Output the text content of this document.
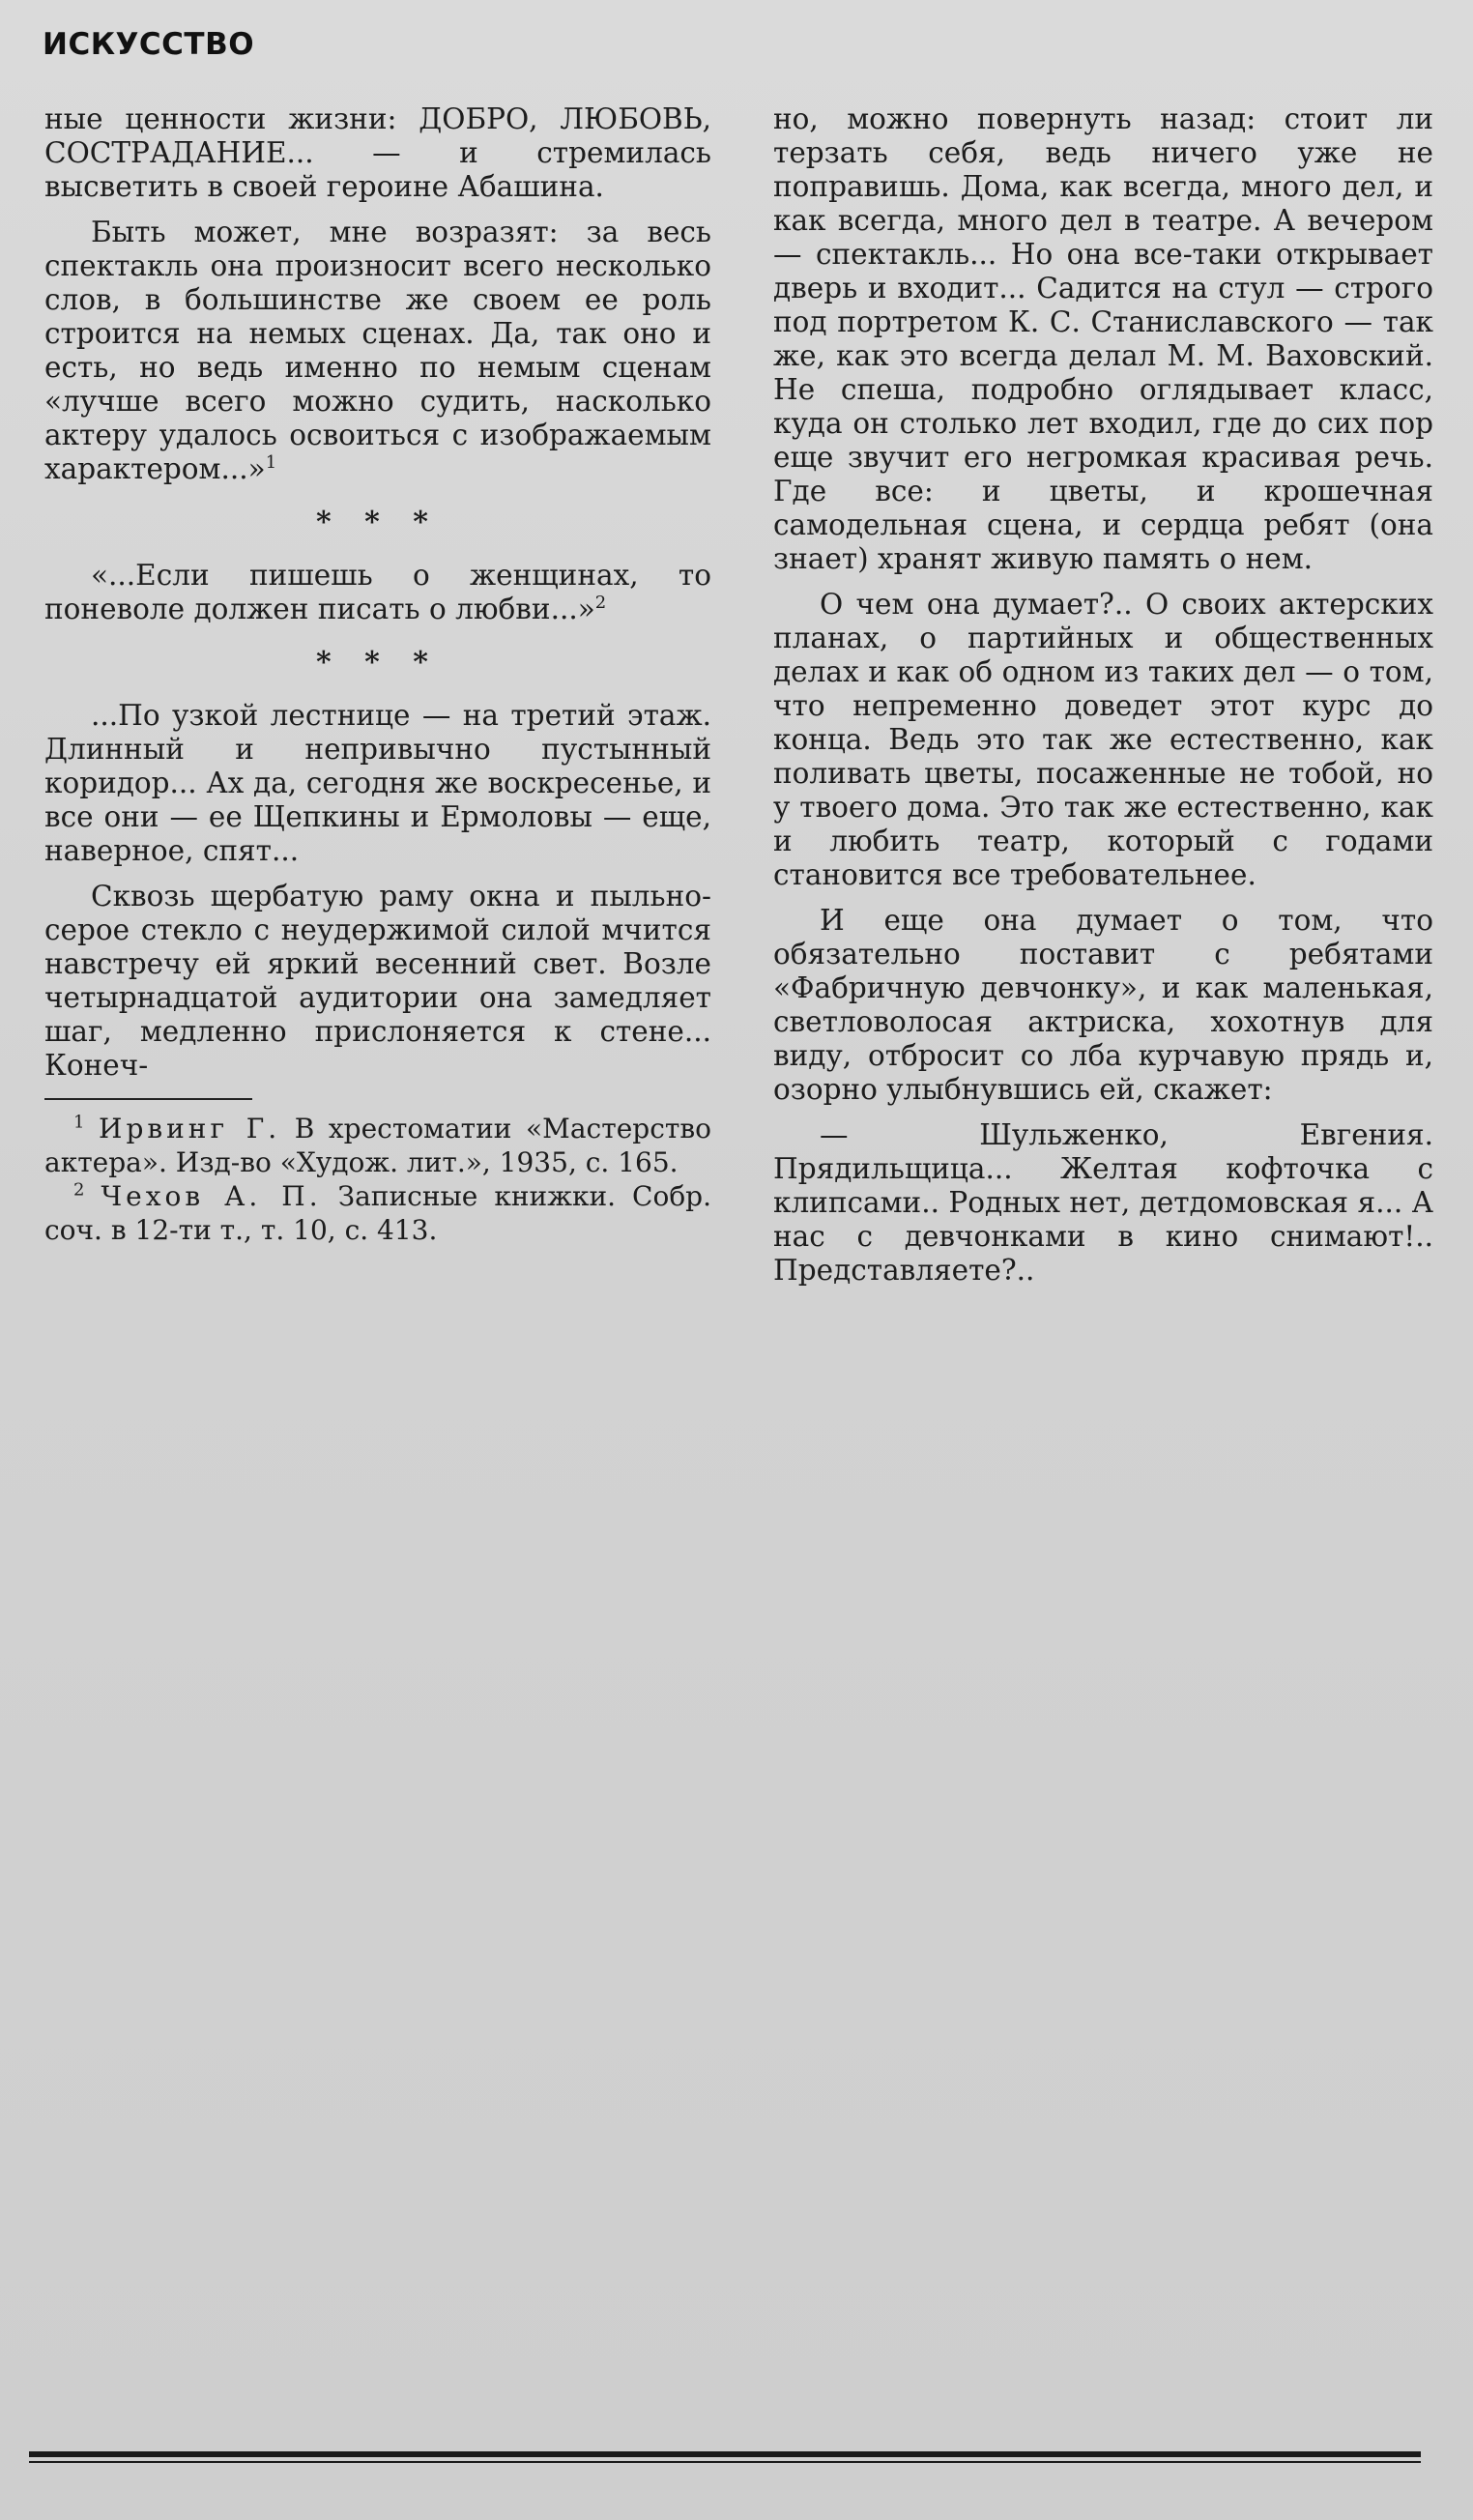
ИСКУССТВО

ные ценности жизни: ДОБРО, ЛЮБОВЬ, СОСТРАДАНИЕ... — и стремилась высветить в своей героине Абашина.

Быть может, мне возразят: за весь спектакль она произносит всего несколько слов, в большинстве же своем ее роль строится на немых сценах. Да, так оно и есть, но ведь именно по немым сценам «лучше всего можно судить, насколько актеру удалось освоиться с изображаемым характером...»$^1$

* * *

«...Если пишешь о женщинах, то поневоле должен писать о любви...»$^2$

* * *

...По узкой лестнице — на третий этаж. Длинный и непривычно пустынный коридор... Ах да, сегодня же воскресенье, и все они — ее Щепкины и Ермоловы — еще, наверное, спят...

Сквозь щербатую раму окна и пыльно-серое стекло с неудержимой силой мчится навстречу ей яркий весенний свет. Возле четырнадцатой аудитории она замедляет шаг, медленно прислоняется к стене... Конеч-

$^1$ Ирвинг Г. В хрестоматии «Мастерство актера». Изд-во «Худож. лит.», 1935, с. 165.

$^2$ Чехов А. П. Записные книжки. Собр. соч. в 12-ти т., т. 10, с. 413.

но, можно повернуть назад: стоит ли терзать себя, ведь ничего уже не поправишь. Дома, как всегда, много дел, и как всегда, много дел в театре. А вечером — спектакль... Но она все-таки открывает дверь и входит... Садится на стул — строго под портретом К. С. Станиславского — так же, как это всегда делал М. М. Ваховский. Не спеша, подробно оглядывает класс, куда он столько лет входил, где до сих пор еще звучит его негромкая красивая речь. Где все: и цветы, и крошечная самодельная сцена, и сердца ребят (она знает) хранят живую память о нем.

О чем она думает?.. О своих актерских планах, о партийных и общественных делах и как об одном из таких дел — о том, что непременно доведет этот курс до конца. Ведь это так же естественно, как поливать цветы, посаженные не тобой, но у твоего дома. Это так же естественно, как и любить театр, который с годами становится все требовательнее.

И еще она думает о том, что обязательно поставит с ребятами «Фабричную девчонку», и как маленькая, светловолосая актриска, хохотнув для виду, отбросит со лба курчавую прядь и, озорно улыбнувшись ей, скажет:

— Шульженко, Евгения. Прядильщица... Желтая кофточка с клипсами.. Родных нет, детдомовская я... А нас с девчонками в кино снимают!.. Представляете?..
